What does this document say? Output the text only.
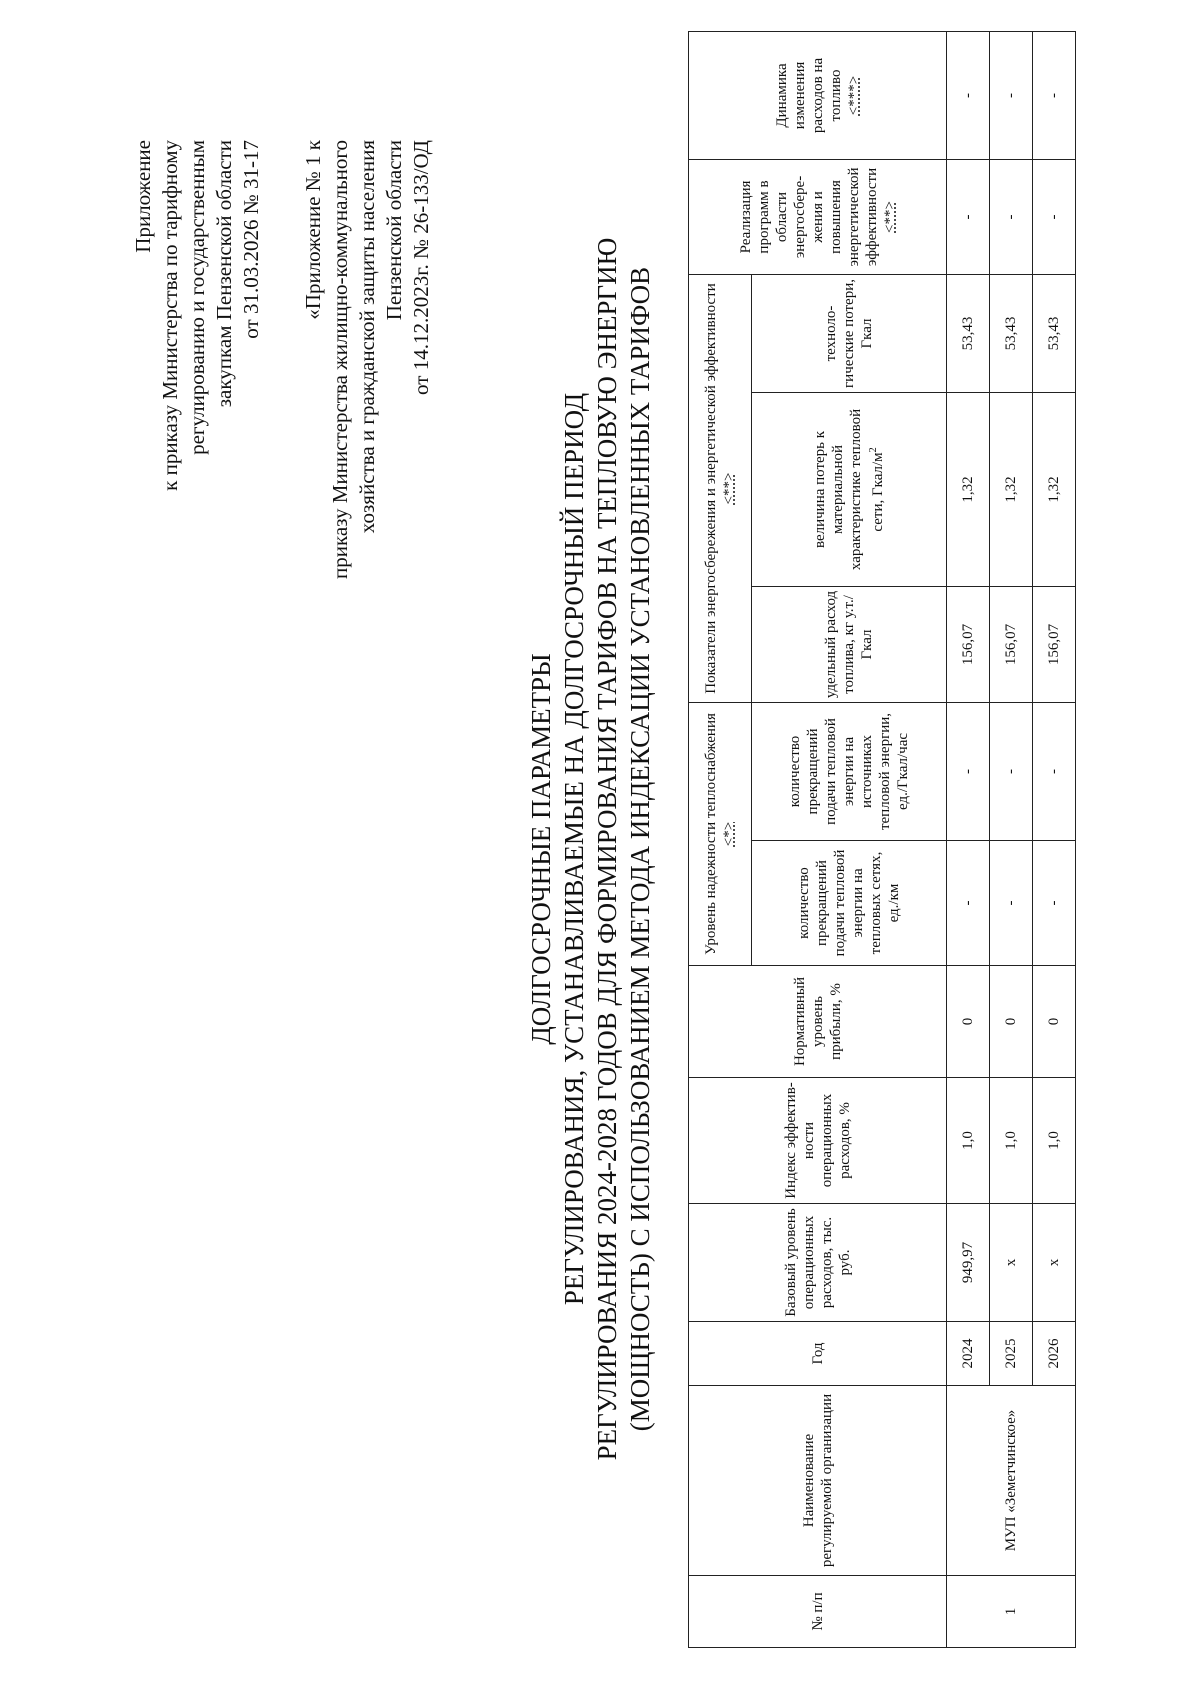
Приложение к приказу Министерства по тарифному регулированию и государственным закупкам Пензенской области от 31.03.2026 № 31-17 «Приложение № 1 к приказу Министерства жилищно-коммунального хозяйства и гражданской защиты населения Пензенской области от 14.12.2023г. № 26-133/ОД

ДОЛГОСРОЧНЫЕ ПАРАМЕТРЫ РЕГУЛИРОВАНИЯ, УСТАНАВЛИВАЕМЫЕ НА ДОЛГОСРОЧНЫЙ ПЕРИОД РЕГУЛИРОВАНИЯ 2024-2028 ГОДОВ ДЛЯ ФОРМИРОВАНИЯ ТАРИФОВ НА ТЕПЛОВУЮ ЭНЕРГИЮ (МОЩНОСТЬ) С ИСПОЛЬЗОВАНИЕМ МЕТОДА ИНДЕКСАЦИИ УСТАНОВЛЕННЫХ ТАРИФОВ

№ п/п	Наименование регулируемой организации	Год	Базовый уровень операционных расходов, тыс. руб.	Индекс эффектив-ности операционных расходов, %	Нормативный уровень прибыли, %	Уровень надежности теплоснабжения <*>		Показатели энергосбережения и энергетической эффективности <**>			Реализация программ в области энергосбере-жения и повышения энергетической эффективности <**>	Динамика изменения расходов на топливо <***>
						количество прекращений подачи тепловой энергии на тепловых сетях, ед./км	количество прекращений подачи тепловой энергии на источниках тепловой энергии, ед./Гкал/час	удельный расход топлива, кг у.т./Гкал	величина потерь к материальной характеристике тепловой сети, Гкал/$м^2$	техноло-гические потери, Гкал		
1	МУП «Земетчинское»	2024	949,97	1,0	0	-	-	156,07	1,32	53,43	-	-
		2025	x	1,0	0	-	-	156,07	1,32	53,43	-	-
		2026	x	1,0	0	-	-	156,07	1,32	53,43	-	-
